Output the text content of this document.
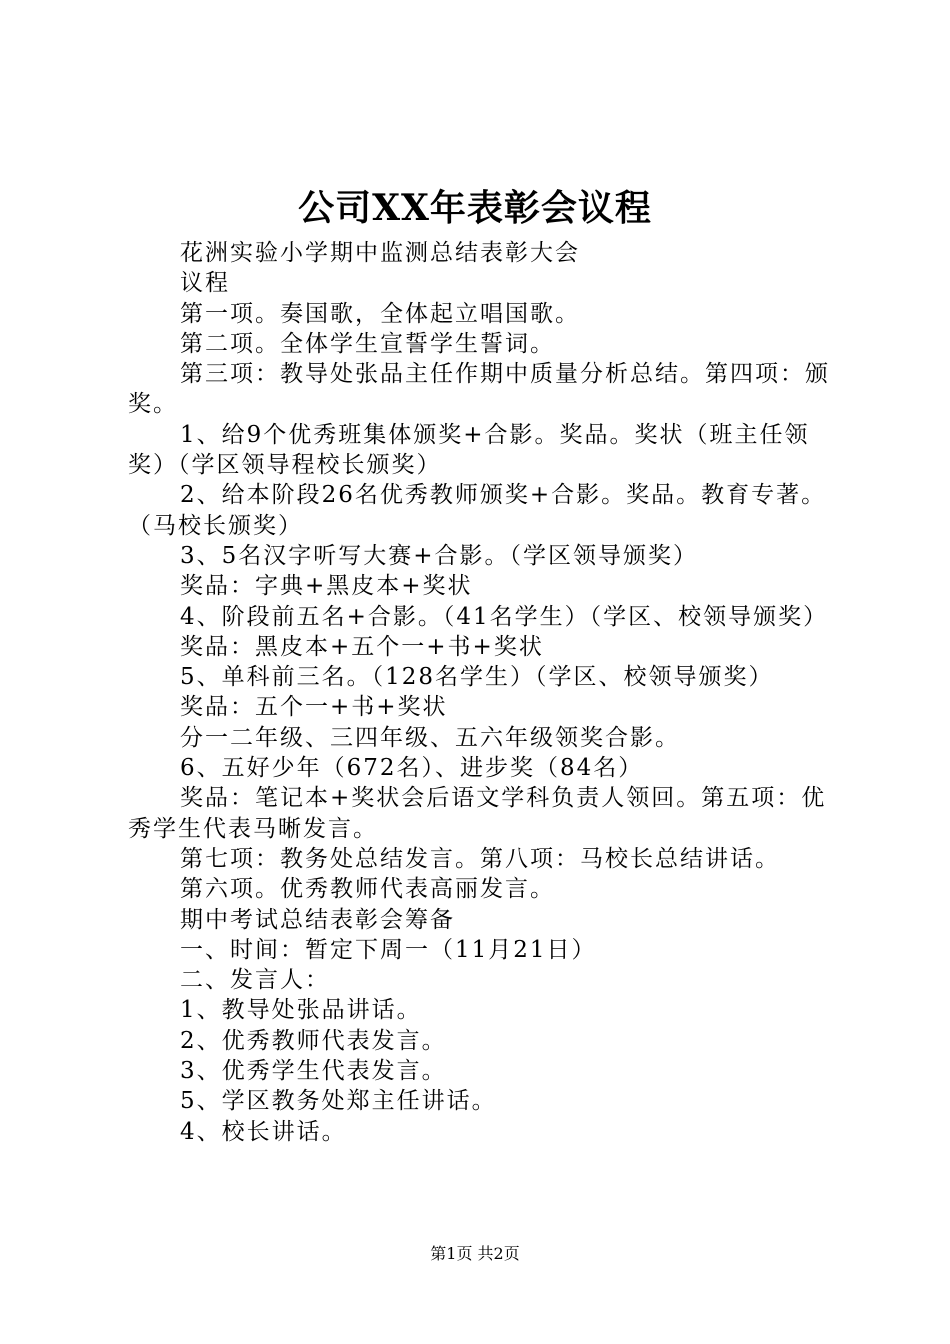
公司XX年表彰会议程

花洲实验小学期中监测总结表彰大会

议程

第一项。奏国歌，全体起立唱国歌。

第二项。全体学生宣誓学生誓词。

第三项：教导处张品主任作期中质量分析总结。第四项：颁奖。

1、给9个优秀班集体颁奖+合影。奖品。奖状（班主任领奖）（学区领导程校长颁奖）

2、给本阶段26名优秀教师颁奖+合影。奖品。教育专著。（马校长颁奖）

3、5名汉字听写大赛+合影。（学区领导颁奖）

奖品：字典+黑皮本+奖状

4、阶段前五名+合影。（41名学生）（学区、校领导颁奖）

奖品：黑皮本+五个一+书+奖状

5、单科前三名。（128名学生）（学区、校领导颁奖）

奖品：五个一+书+奖状

分一二年级、三四年级、五六年级领奖合影。

6、五好少年（672名）、进步奖（84名）

奖品：笔记本+奖状会后语文学科负责人领回。第五项：优秀学生代表马晰发言。

第七项：教务处总结发言。第八项：马校长总结讲话。

第六项。优秀教师代表高丽发言。

期中考试总结表彰会筹备

一、时间：暂定下周一（11月21日）

二、发言人：

1、教导处张品讲话。

2、优秀教师代表发言。

3、优秀学生代表发言。

5、学区教务处郑主任讲话。

4、校长讲话。

第1页 共2页
